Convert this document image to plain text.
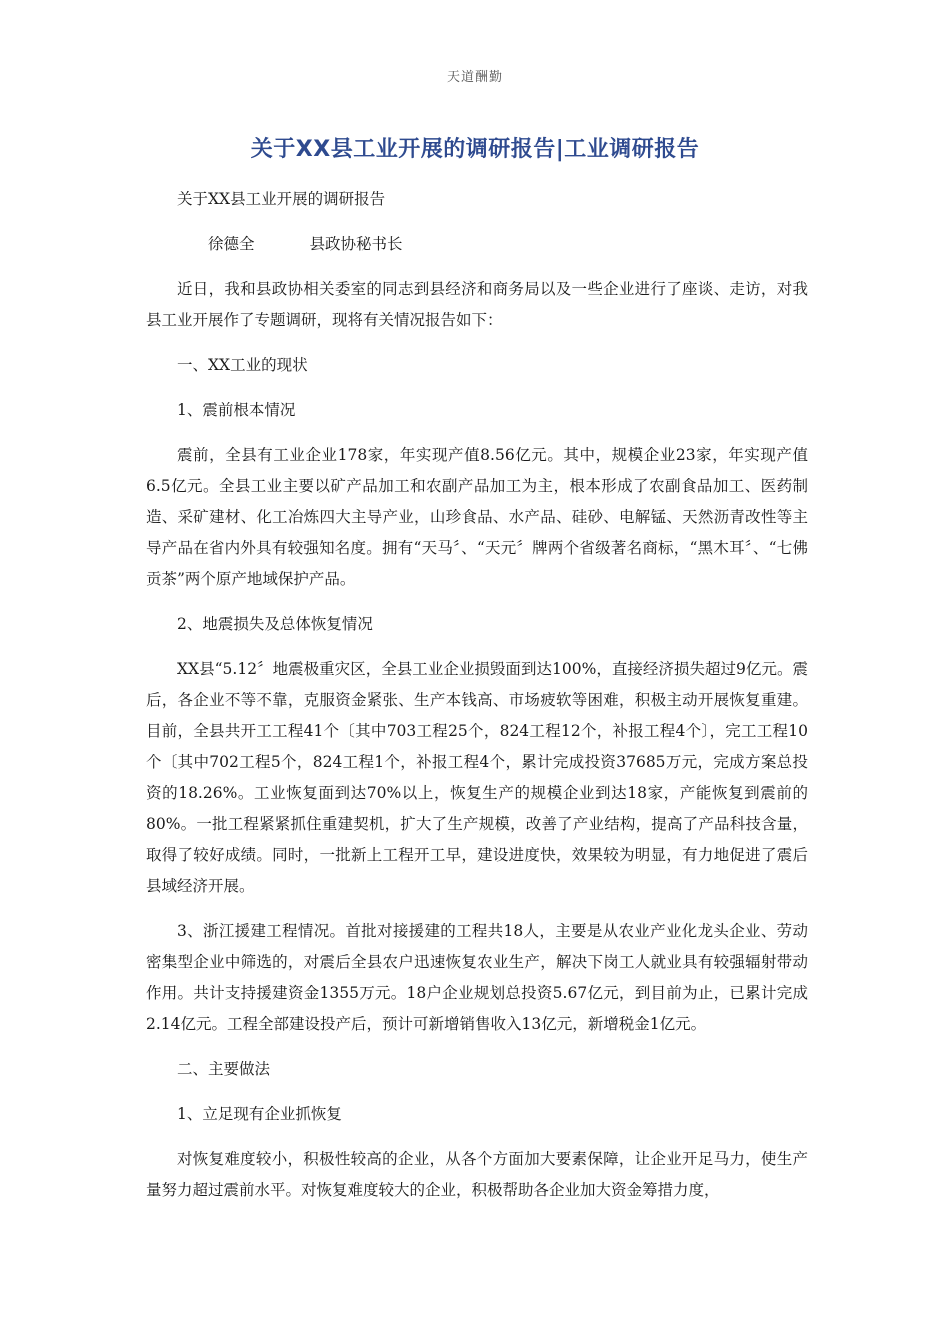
天道酬勤
关于XX县工业开展的调研报告|工业调研报告

关于XX县工业开展的调研报告

徐德全	县政协秘书长

近日，我和县政协相关委室的同志到县经济和商务局以及一些企业进行了座谈、走访，对我县工业开展作了专题调研，现将有关情况报告如下：

一、XX工业的现状

1、震前根本情况

震前，全县有工业企业178家，年实现产值8.56亿元。其中，规模企业23家，年实现产值6.5亿元。全县工业主要以矿产品加工和农副产品加工为主，根本形成了农副食品加工、医药制造、采矿建材、化工冶炼四大主导产业，山珍食品、水产品、硅砂、电解锰、天然沥青改性等主导产品在省内外具有较强知名度。拥有“天马〞、“天元〞牌两个省级著名商标，“黑木耳〞、“七佛贡茶”两个原产地域保护产品。

2、地震损失及总体恢复情况

XX县“5.12〞地震极重灾区，全县工业企业损毁面到达100%，直接经济损失超过9亿元。震后，各企业不等不靠，克服资金紧张、生产本钱高、市场疲软等困难，积极主动开展恢复重建。目前，全县共开工工程41个〔其中703工程25个，824工程12个，补报工程4个〕，完工工程10个〔其中702工程5个，824工程1个，补报工程4个，累计完成投资37685万元，完成方案总投资的18.26%。工业恢复面到达70%以上，恢复生产的规模企业到达18家，产能恢复到震前的80%。一批工程紧紧抓住重建契机，扩大了生产规模，改善了产业结构，提高了产品科技含量，取得了较好成绩。同时，一批新上工程开工早，建设进度快，效果较为明显，有力地促进了震后县域经济开展。

3、浙江援建工程情况。首批对接援建的工程共18人，主要是从农业产业化龙头企业、劳动密集型企业中筛选的，对震后全县农户迅速恢复农业生产，解决下岗工人就业具有较强辐射带动作用。共计支持援建资金1355万元。18户企业规划总投资5.67亿元，到目前为止，已累计完成2.14亿元。工程全部建设投产后，预计可新增销售收入13亿元，新增税金1亿元。

二、主要做法

1、立足现有企业抓恢复

对恢复难度较小，积极性较高的企业，从各个方面加大要素保障，让企业开足马力，使生产量努力超过震前水平。对恢复难度较大的企业，积极帮助各企业加大资金筹措力度，
